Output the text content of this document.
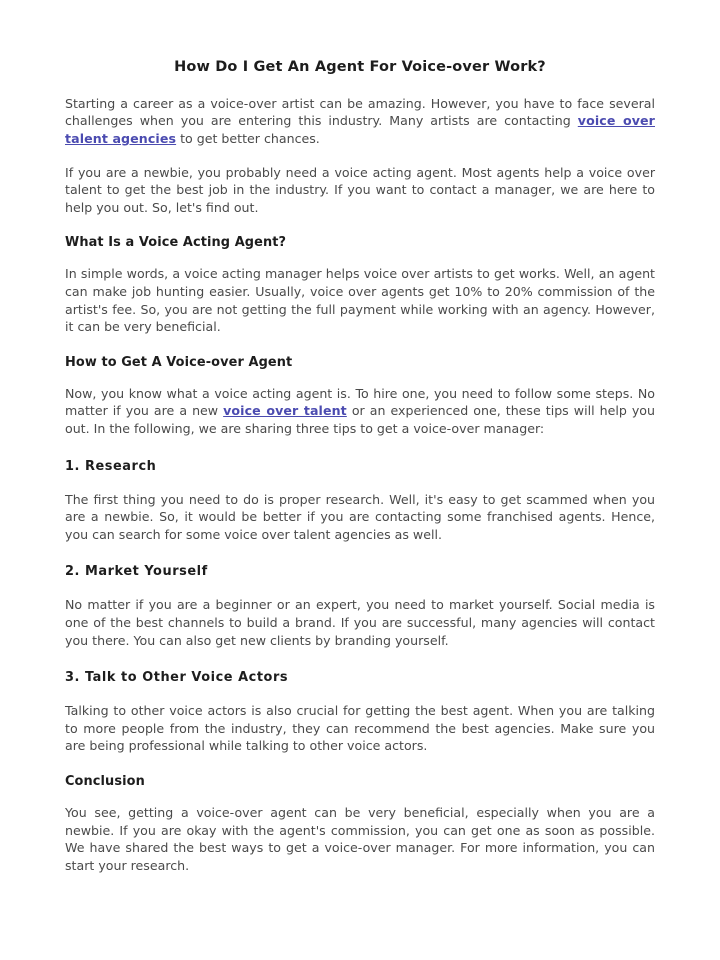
How Do I Get An Agent For Voice-over Work?

Starting a career as a voice-over artist can be amazing. However, you have to face several challenges when you are entering this industry. Many artists are contacting voice over talent agencies to get better chances.

If you are a newbie, you probably need a voice acting agent. Most agents help a voice over talent to get the best job in the industry. If you want to contact a manager, we are here to help you out. So, let's find out.

What Is a Voice Acting Agent?

In simple words, a voice acting manager helps voice over artists to get works. Well, an agent can make job hunting easier. Usually, voice over agents get 10% to 20% commission of the artist's fee. So, you are not getting the full payment while working with an agency. However, it can be very beneficial.

How to Get A Voice-over Agent

Now, you know what a voice acting agent is. To hire one, you need to follow some steps. No matter if you are a new voice over talent or an experienced one, these tips will help you out. In the following, we are sharing three tips to get a voice-over manager:

1. Research

The first thing you need to do is proper research. Well, it's easy to get scammed when you are a newbie. So, it would be better if you are contacting some franchised agents. Hence, you can search for some voice over talent agencies as well.

2. Market Yourself

No matter if you are a beginner or an expert, you need to market yourself. Social media is one of the best channels to build a brand. If you are successful, many agencies will contact you there. You can also get new clients by branding yourself.

3. Talk to Other Voice Actors

Talking to other voice actors is also crucial for getting the best agent. When you are talking to more people from the industry, they can recommend the best agencies. Make sure you are being professional while talking to other voice actors.

Conclusion

You see, getting a voice-over agent can be very beneficial, especially when you are a newbie. If you are okay with the agent's commission, you can get one as soon as possible. We have shared the best ways to get a voice-over manager. For more information, you can start your research.
